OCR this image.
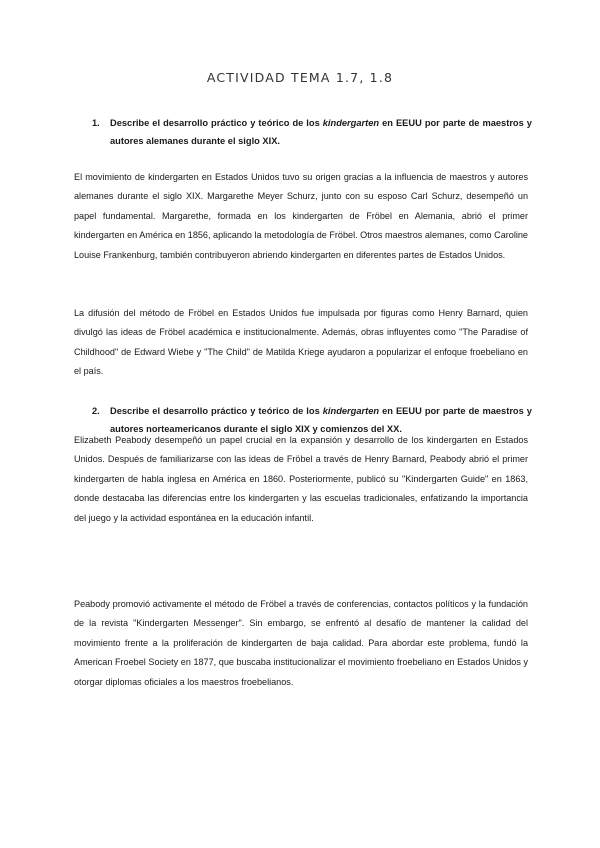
ACTIVIDAD TEMA 1.7, 1.8
1.	Describe el desarrollo práctico y teórico de los kindergarten en EEUU por parte de maestros y autores alemanes durante el siglo XIX.
El movimiento de kindergarten en Estados Unidos tuvo su origen gracias a la influencia de maestros y autores alemanes durante el siglo XIX. Margarethe Meyer Schurz, junto con su esposo Carl Schurz, desempeñó un papel fundamental. Margarethe, formada en los kindergarten de Fröbel en Alemania, abrió el primer kindergarten en América en 1856, aplicando la metodología de Fröbel. Otros maestros alemanes, como Caroline Louise Frankenburg, también contribuyeron abriendo kindergarten en diferentes partes de Estados Unidos.
La difusión del método de Fröbel en Estados Unidos fue impulsada por figuras como Henry Barnard, quien divulgó las ideas de Fröbel académica e institucionalmente. Además, obras influyentes como "The Paradise of Childhood" de Edward Wiebe y "The Child" de Matilda Kriege ayudaron a popularizar el enfoque froebeliano en el país.
2.	Describe el desarrollo práctico y teórico de los kindergarten en EEUU por parte de maestros y autores norteamericanos durante el siglo XIX y comienzos del XX.
Elizabeth Peabody desempeñó un papel crucial en la expansión y desarrollo de los kindergarten en Estados Unidos. Después de familiarizarse con las ideas de Fröbel a través de Henry Barnard, Peabody abrió el primer kindergarten de habla inglesa en América en 1860. Posteriormente, publicó su "Kindergarten Guide" en 1863, donde destacaba las diferencias entre los kindergarten y las escuelas tradicionales, enfatizando la importancia del juego y la actividad espontánea en la educación infantil.
Peabody promovió activamente el método de Fröbel a través de conferencias, contactos políticos y la fundación de la revista "Kindergarten Messenger". Sin embargo, se enfrentó al desafío de mantener la calidad del movimiento frente a la proliferación de kindergarten de baja calidad. Para abordar este problema, fundó la American Froebel Society en 1877, que buscaba institucionalizar el movimiento froebeliano en Estados Unidos y otorgar diplomas oficiales a los maestros froebelianos.
